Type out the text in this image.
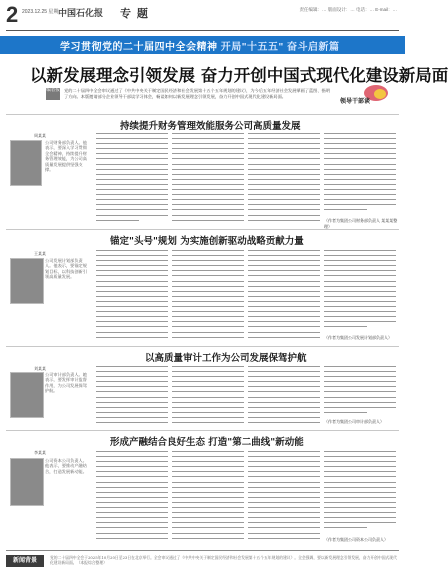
2 2023.12.25 星期一
中国石化报 专 题	责任编辑：… 版面设计：… 电话：… E-mail：…
学习贯彻党的二十届四中全会精神 开局"十五五" 奋斗启新篇
以新发展理念引领发展 奋力开创中国式现代化建设新局面
编者按 党的二十届四中全会审议通过了《中共中央关于制定国民经济和社会发展第十五个五年规划的建议》，为今后五年经济社会发展擘画了蓝图、指明了方向。本版邀请部分企业领导干部谈学习体会，畅谈如何以新发展理念引领发展，奋力开创中国式现代化建设新局面。
领导干部谈
持续提升财务管理效能服务公司高质量发展
周某某
公司财务部负责人。他表示，要深入学习贯彻全会精神，持续提升财务管理效能，为公司高质量发展提供坚强支撑。
（作者为集团公司财务部负责人 某某某整理）
锚定"头号"规划 为实施创新驱动战略贡献力量
王某某
公司发展计划部负责人。他表示，要锚定规划目标，以科技创新引领高质量发展。
（作者为集团公司发展计划部负责人）
以高质量审计工作为公司发展保驾护航
刘某某
公司审计部负责人。她表示，要发挥审计监督作用，为公司发展保驾护航。
（作者为集团公司审计部负责人）
形成产融结合良好生态 打造"第二曲线"新动能
李某某
公司资本公司负责人。他表示，要推动产融结合，打造发展新动能。
（作者为集团公司资本公司负责人）
新闻背景	党的二十届四中全会于2025年10月20日至23日在北京举行。全会审议通过了《中共中央关于制定国民经济和社会发展第十五个五年规划的建议》。全会强调，要以新发展理念引领发展，奋力开创中国式现代化建设新局面。（本报综合整理）
